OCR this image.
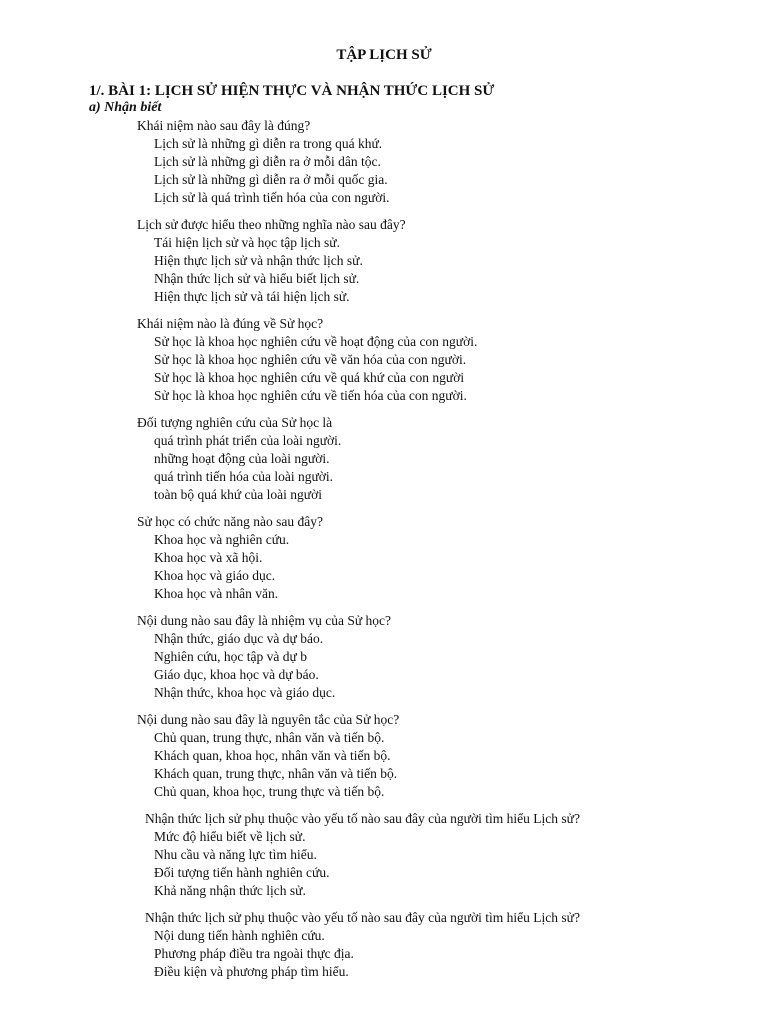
TẬP LỊCH SỬ
1/. BÀI 1: LỊCH SỬ HIỆN THỰC VÀ NHẬN THỨC LỊCH SỬ
a) Nhận biết
Khái niệm nào sau đây là đúng?
Lịch sử là những gì diễn ra trong quá khứ.
Lịch sử là những gì diễn ra ở mỗi dân tộc.
Lịch sử là những gì diễn ra ở mỗi quốc gia.
Lịch sử là quá trình tiến hóa của con người.
Lịch sử được hiểu theo những nghĩa nào sau đây?
Tái hiện lịch sử và học tập lịch sử.
Hiện thực lịch sử và nhận thức lịch sử.
Nhận thức lịch sử và hiểu biết lịch sử.
Hiện thực lịch sử và tái hiện lịch sử.
Khái niệm nào là đúng về Sử học?
Sử học là khoa học nghiên cứu về hoạt động của con người.
Sử học là khoa học nghiên cứu về văn hóa của con người.
Sử học là khoa học nghiên cứu về quá khứ của con người
Sử học là khoa học nghiên cứu về tiến hóa của con người.
Đối tượng nghiên cứu của Sử học là
quá trình phát triển của loài người.
những hoạt động của loài người.
quá trình tiến hóa của loài người.
toàn bộ quá khứ của loài người
Sử học có chức năng nào sau đây?
Khoa học và nghiên cứu.
Khoa học và xã hội.
Khoa học và giáo dục.
Khoa học và nhân văn.
Nội dung nào sau đây là nhiệm vụ của Sử học?
Nhận thức, giáo dục và dự báo.
Nghiên cứu, học tập và dự b
Giáo dục, khoa học và dự báo.
Nhận thức, khoa học và giáo dục.
Nội dung nào sau đây là nguyên tắc của Sử học?
Chủ quan, trung thực, nhân văn và tiến bộ.
Khách quan, khoa học, nhân văn và tiến bộ.
Khách quan, trung thực, nhân văn và tiến bộ.
Chủ quan, khoa học, trung thực và tiến bộ.
Nhận thức lịch sử phụ thuộc vào yếu tố nào sau đây của người tìm hiểu Lịch sử?
Mức độ hiểu biết về lịch sử.
Nhu cầu và năng lực tìm hiểu.
Đối tượng tiến hành nghiên cứu.
Khả năng nhận thức lịch sử.
Nhận thức lịch sử phụ thuộc vào yếu tố nào sau đây của người tìm hiểu Lịch sử?
Nội dung tiến hành nghiên cứu.
Phương pháp điều tra ngoài thực địa.
Điều kiện và phương pháp tìm hiểu.
